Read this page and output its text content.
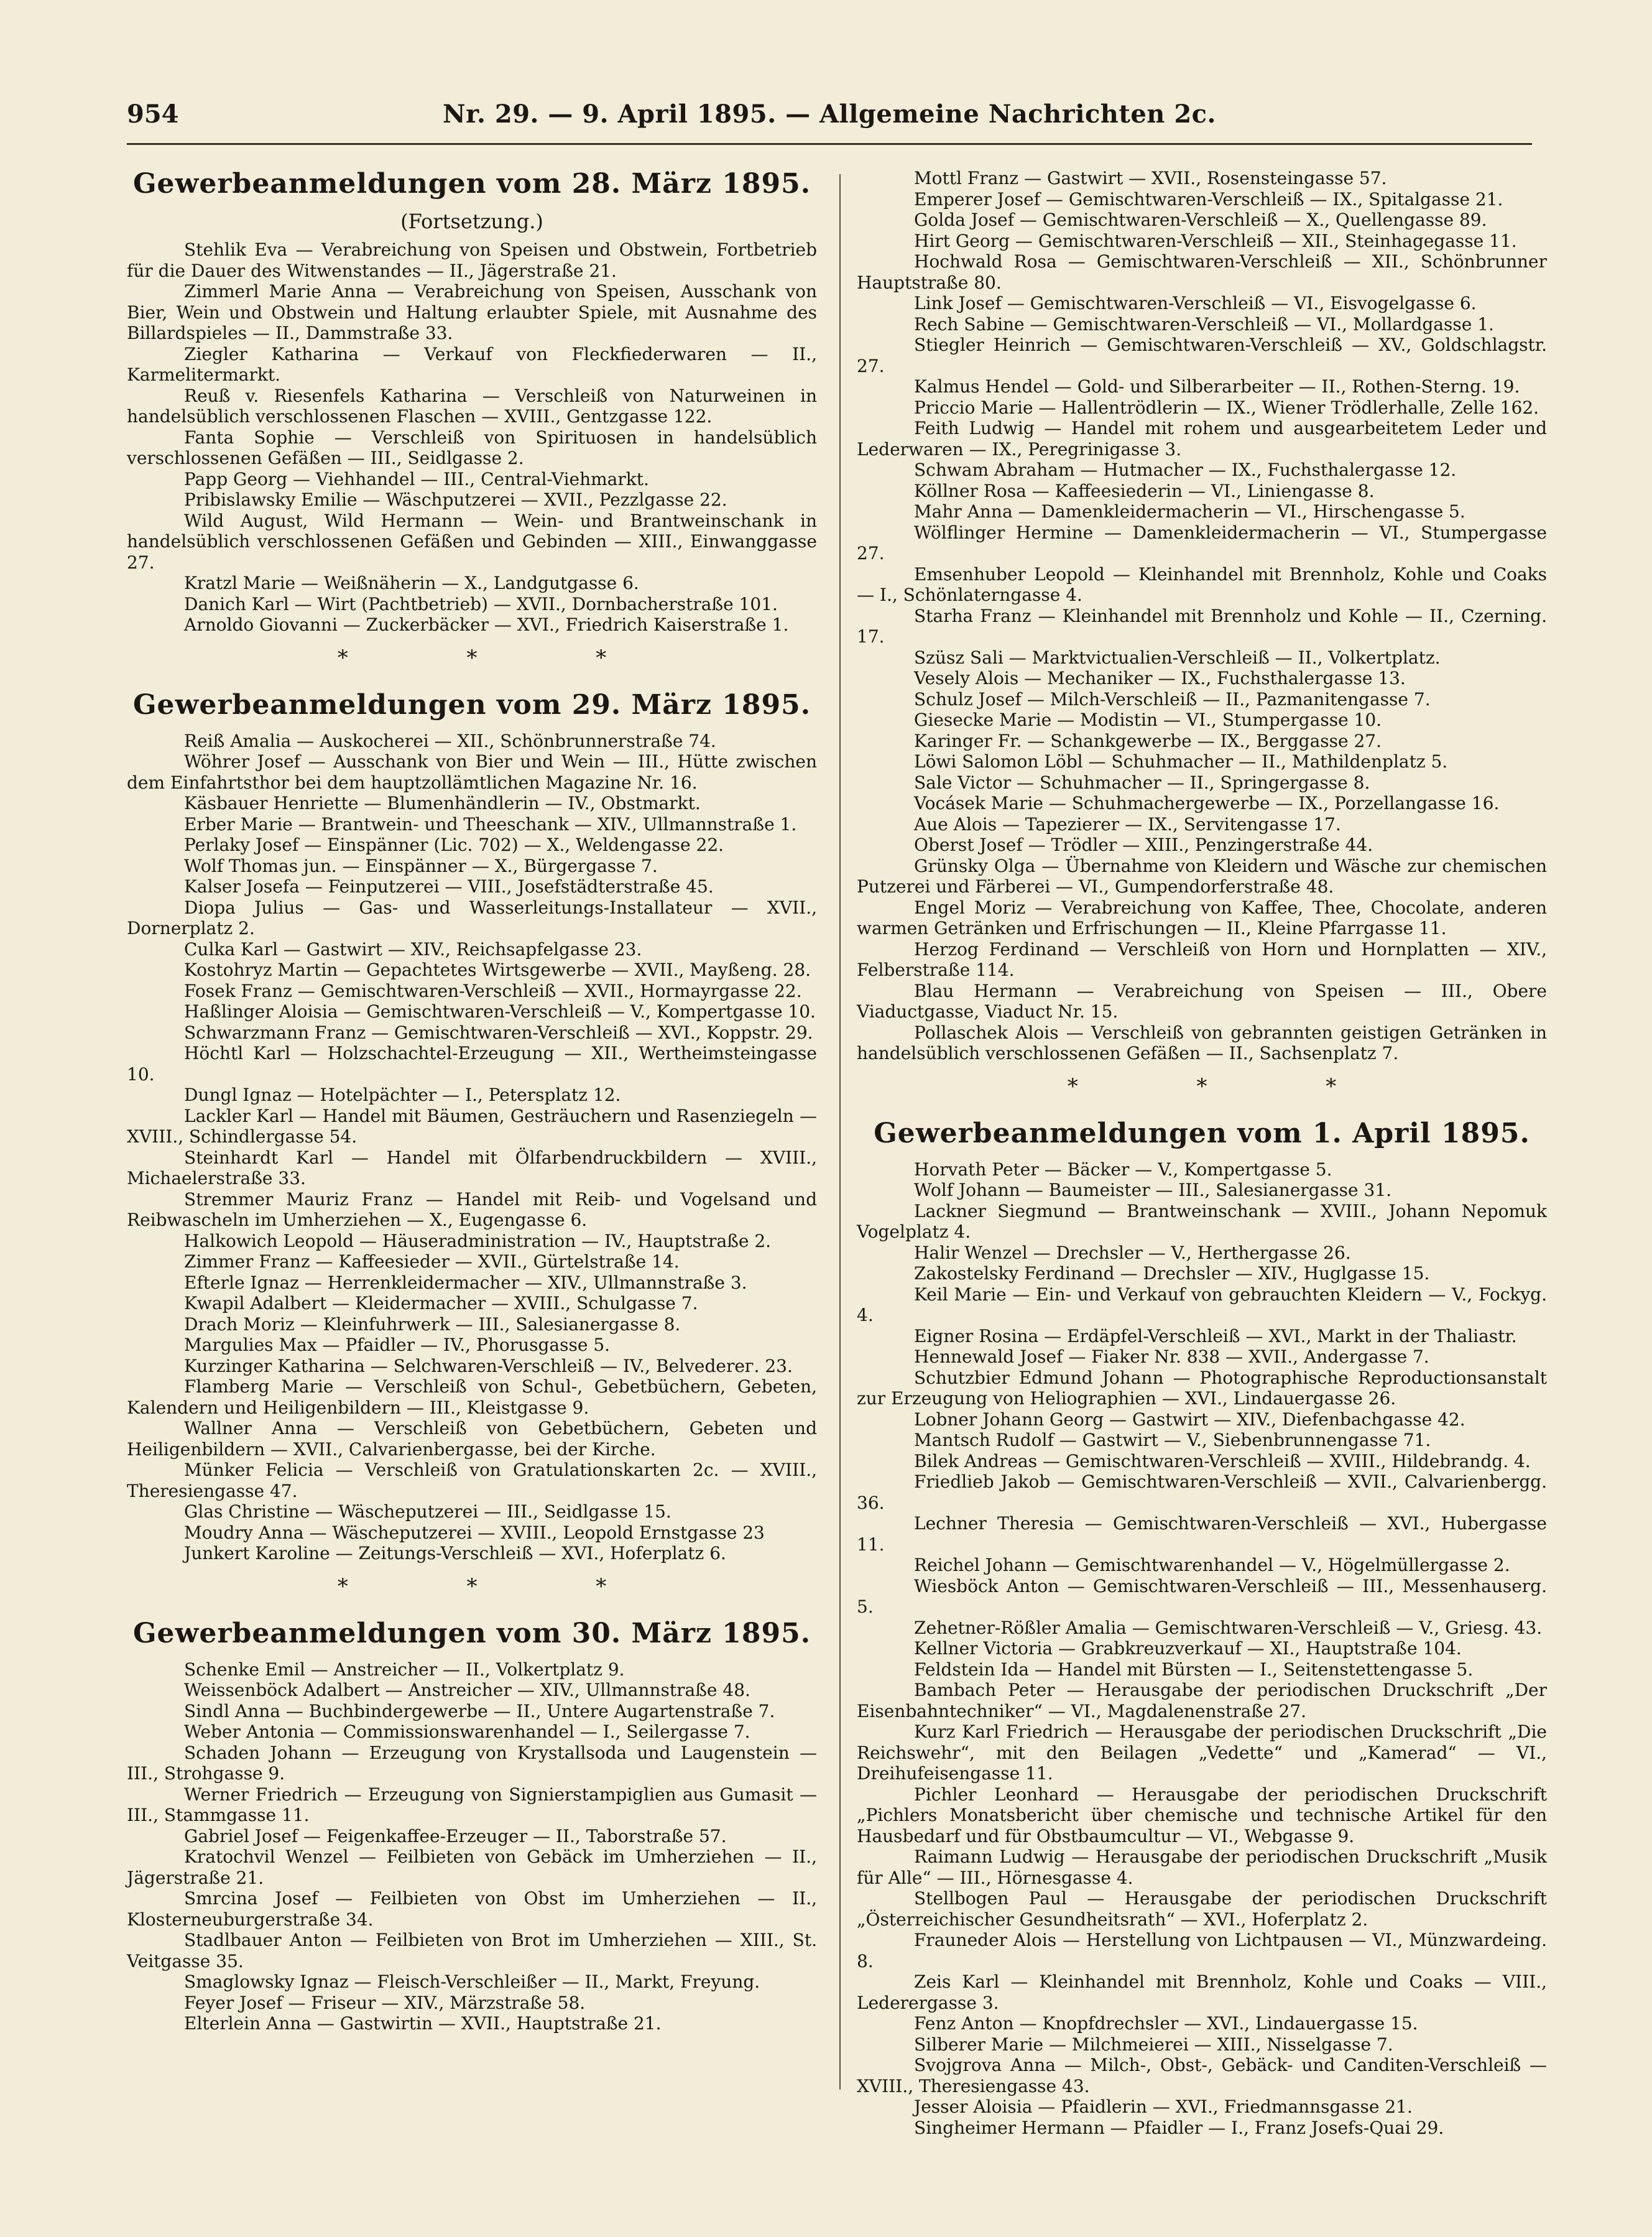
954	Nr. 29. — 9. April 1895. — Allgemeine Nachrichten 2c.
Gewerbeanmeldungen vom 28. März 1895.
(Fortsetzung.)

Stehlik Eva — Verabreichung von Speisen und Obstwein, Fortbetrieb für die Dauer des Witwenstandes — II., Jägerstraße 21.

Zimmerl Marie Anna — Verabreichung von Speisen, Ausschank von Bier, Wein und Obstwein und Haltung erlaubter Spiele, mit Ausnahme des Billardspieles — II., Dammstraße 33.

Ziegler Katharina — Verkauf von Fleckfiederwaren — II., Karmelitermarkt.

Reuß v. Riesenfels Katharina — Verschleiß von Naturweinen in handelsüblich verschlossenen Flaschen — XVIII., Gentzgasse 122.

Fanta Sophie — Verschleiß von Spirituosen in handelsüblich verschlossenen Gefäßen — III., Seidlgasse 2.

Papp Georg — Viehhandel — III., Central-Viehmarkt.

Pribislawsky Emilie — Wäschputzerei — XVII., Pezzlgasse 22.

Wild August, Wild Hermann — Wein- und Brantweinschank in handelsüblich verschlossenen Gefäßen und Gebinden — XIII., Einwanggasse 27.

Kratzl Marie — Weißnäherin — X., Landgutgasse 6.

Danich Karl — Wirt (Pachtbetrieb) — XVII., Dornbacherstraße 101.

Arnoldo Giovanni — Zuckerbäcker — XVI., Friedrich Kaiserstraße 1.

* * *
Gewerbeanmeldungen vom 29. März 1895.

Reiß Amalia — Auskocherei — XII., Schönbrunnerstraße 74.

Wöhrer Josef — Ausschank von Bier und Wein — III., Hütte zwischen dem Einfahrtsthor bei dem hauptzollämtlichen Magazine Nr. 16.

Käsbauer Henriette — Blumenhändlerin — IV., Obstmarkt.

Erber Marie — Brantwein- und Theeschank — XIV., Ullmannstraße 1.

Perlaky Josef — Einspänner (Lic. 702) — X., Weldengasse 22.

Wolf Thomas jun. — Einspänner — X., Bürgergasse 7.

Kalser Josefa — Feinputzerei — VIII., Josefstädterstraße 45.

Diopa Julius — Gas- und Wasserleitungs-Installateur — XVII., Dornerplatz 2.

Culka Karl — Gastwirt — XIV., Reichsapfelgasse 23.

Kostohryz Martin — Gepachtetes Wirtsgewerbe — XVII., Mayßeng. 28.

Fosek Franz — Gemischtwaren-Verschleiß — XVII., Hormayrgasse 22.

Haßlinger Aloisia — Gemischtwaren-Verschleiß — V., Kompertgasse 10.

Schwarzmann Franz — Gemischtwaren-Verschleiß — XVI., Koppstr. 29.

Höchtl Karl — Holzschachtel-Erzeugung — XII., Wertheimsteingasse 10.

Dungl Ignaz — Hotelpächter — I., Petersplatz 12.

Lackler Karl — Handel mit Bäumen, Gesträuchern und Rasenziegeln — XVIII., Schindlergasse 54.

Steinhardt Karl — Handel mit Ölfarbendruckbildern — XVIII., Michaelerstraße 33.

Stremmer Mauriz Franz — Handel mit Reib- und Vogelsand und Reibwascheln im Umherziehen — X., Eugengasse 6.

Halkowich Leopold — Häuseradministration — IV., Hauptstraße 2.

Zimmer Franz — Kaffeesieder — XVII., Gürtelstraße 14.

Efterle Ignaz — Herrenkleidermacher — XIV., Ullmannstraße 3.

Kwapil Adalbert — Kleidermacher — XVIII., Schulgasse 7.

Drach Moriz — Kleinfuhrwerk — III., Salesianergasse 8.

Margulies Max — Pfaidler — IV., Phorusgasse 5.

Kurzinger Katharina — Selchwaren-Verschleiß — IV., Belvederег. 23.

Flamberg Marie — Verschleiß von Schul-, Gebetbüchern, Gebeten, Kalendern und Heiligenbildern — III., Kleistgasse 9.

Wallner Anna — Verschleiß von Gebetbüchern, Gebeten und Heiligenbildern — XVII., Calvarienbergasse, bei der Kirche.

Münker Felicia — Verschleiß von Gratulationskarten 2c. — XVIII., Theresiengasse 47.

Glas Christine — Wäscheputzerei — III., Seidlgasse 15.

Moudry Anna — Wäscheputzerei — XVIII., Leopold Ernstgasse 23

Junkert Karoline — Zeitungs-Verschleiß — XVI., Hoferplatz 6.

* * *
Gewerbeanmeldungen vom 30. März 1895.

Schenke Emil — Anstreicher — II., Volkertplatz 9.

Weissenböck Adalbert — Anstreicher — XIV., Ullmannstraße 48.

Sindl Anna — Buchbindergewerbe — II., Untere Augartenstraße 7.

Weber Antonia — Commissionswarenhandel — I., Seilergasse 7.

Schaden Johann — Erzeugung von Krystallsoda und Laugenstein — III., Strohgasse 9.

Werner Friedrich — Erzeugung von Signierstampiglien aus Gumasit — III., Stammgasse 11.

Gabriel Josef — Feigenkaffee-Erzeuger — II., Taborstraße 57.

Kratochvil Wenzel — Feilbieten von Gebäck im Umherziehen — II., Jägerstraße 21.

Smrcina Josef — Feilbieten von Obst im Umherziehen — II., Klosterneuburgerstraße 34.

Stadlbauer Anton — Feilbieten von Brot im Umherziehen — XIII., St. Veitgasse 35.

Smaglowsky Ignaz — Fleisch-Verschleißer — II., Markt, Freyung.

Feyer Josef — Friseur — XIV., Märzstraße 58.

Elterlein Anna — Gastwirtin — XVII., Hauptstraße 21.

Mottl Franz — Gastwirt — XVII., Rosensteingasse 57.

Emperer Josef — Gemischtwaren-Verschleiß — IX., Spitalgasse 21.

Golda Josef — Gemischtwaren-Verschleiß — X., Quellengasse 89.

Hirt Georg — Gemischtwaren-Verschleiß — XII., Steinhagegasse 11.

Hochwald Rosa — Gemischtwaren-Verschleiß — XII., Schönbrunner Hauptstraße 80.

Link Josef — Gemischtwaren-Verschleiß — VI., Eisvogelgasse 6.

Rech Sabine — Gemischtwaren-Verschleiß — VI., Mollardgasse 1.

Stiegler Heinrich — Gemischtwaren-Verschleiß — XV., Goldschlagstr. 27.

Kalmus Hendel — Gold- und Silberarbeiter — II., Rothen-Sterng. 19.

Priccio Marie — Hallentrödlerin — IX., Wiener Trödlerhalle, Zelle 162.

Feith Ludwig — Handel mit rohem und ausgearbeitetem Leder und Lederwaren — IX., Peregrinigasse 3.

Schwam Abraham — Hutmacher — IX., Fuchsthalergasse 12.

Köllner Rosa — Kaffeesiederin — VI., Liniengasse 8.

Mahr Anna — Damenkleidermacherin — VI., Hirschengasse 5.

Wölflinger Hermine — Damenkleidermacherin — VI., Stumpergasse 27.

Emsenhuber Leopold — Kleinhandel mit Brennholz, Kohle und Coaks — I., Schönlaterngasse 4.

Starha Franz — Kleinhandel mit Brennholz und Kohle — II., Czerning. 17.

Szüsz Sali — Marktvictualien-Verschleiß — II., Volkertplatz.

Vesely Alois — Mechaniker — IX., Fuchsthalergasse 13.

Schulz Josef — Milch-Verschleiß — II., Pazmanitengasse 7.

Giesecke Marie — Modistin — VI., Stumpergasse 10.

Karinger Fr. — Schankgewerbe — IX., Berggasse 27.

Löwi Salomon Löbl — Schuhmacher — II., Mathildenplatz 5.

Sale Victor — Schuhmacher — II., Springergasse 8.

Vocásek Marie — Schuhmachergewerbe — IX., Porzellangasse 16.

Aue Alois — Tapezierer — IX., Servitengasse 17.

Oberst Josef — Trödler — XIII., Penzingerstraße 44.

Grünsky Olga — Übernahme von Kleidern und Wäsche zur chemischen Putzerei und Färberei — VI., Gumpendorferstraße 48.

Engel Moriz — Verabreichung von Kaffee, Thee, Chocolate, anderen warmen Getränken und Erfrischungen — II., Kleine Pfarrgasse 11.

Herzog Ferdinand — Verschleiß von Horn und Hornplatten — XIV., Felberstraße 114.

Blau Hermann — Verabreichung von Speisen — III., Obere Viaductgasse, Viaduct Nr. 15.

Pollaschek Alois — Verschleiß von gebrannten geistigen Getränken in handelsüblich verschlossenen Gefäßen — II., Sachsenplatz 7.

* * *
Gewerbeanmeldungen vom 1. April 1895.

Horvath Peter — Bäcker — V., Kompertgasse 5.

Wolf Johann — Baumeister — III., Salesianergasse 31.

Lackner Siegmund — Brantweinschank — XVIII., Johann Nepomuk Vogelplatz 4.

Halir Wenzel — Drechsler — V., Herthergasse 26.

Zakostelsky Ferdinand — Drechsler — XIV., Huglgasse 15.

Keil Marie — Ein- und Verkauf von gebrauchten Kleidern — V., Fockyg. 4.

Eigner Rosina — Erdäpfel-Verschleiß — XVI., Markt in der Thaliastr.

Hennewald Josef — Fiaker Nr. 838 — XVII., Andergasse 7.

Schutzbier Edmund Johann — Photographische Reproductionsanstalt zur Erzeugung von Heliographien — XVI., Lindauergasse 26.

Lobner Johann Georg — Gastwirt — XIV., Diefenbachgasse 42.

Mantsch Rudolf — Gastwirt — V., Siebenbrunnengasse 71.

Bilek Andreas — Gemischtwaren-Verschleiß — XVIII., Hildebrandg. 4.

Friedlieb Jakob — Gemischtwaren-Verschleiß — XVII., Calvarienbergg. 36.

Lechner Theresia — Gemischtwaren-Verschleiß — XVI., Hubergasse 11.

Reichel Johann — Gemischtwarenhandel — V., Högelmüllergasse 2.

Wiesböck Anton — Gemischtwaren-Verschleiß — III., Messenhauserg. 5.

Zehetner-Rößler Amalia — Gemischtwaren-Verschleiß — V., Griesg. 43.

Kellner Victoria — Grabkreuzverkauf — XI., Hauptstraße 104.

Feldstein Ida — Handel mit Bürsten — I., Seitenstettengasse 5.

Bambach Peter — Herausgabe der periodischen Druckschrift „Der Eisenbahntechniker“ — VI., Magdalenenstraße 27.

Kurz Karl Friedrich — Herausgabe der periodischen Druckschrift „Die Reichswehr“, mit den Beilagen „Vedette“ und „Kamerad“ — VI., Dreihufeisengasse 11.

Pichler Leonhard — Herausgabe der periodischen Druckschrift „Pichlers Monatsbericht über chemische und technische Artikel für den Hausbedarf und für Obstbaumcultur — VI., Webgasse 9.

Raimann Ludwig — Herausgabe der periodischen Druckschrift „Musik für Alle“ — III., Hörnesgasse 4.

Stellbogen Paul — Herausgabe der periodischen Druckschrift „Österreichischer Gesundheitsrath“ — XVI., Hoferplatz 2.

Frauneder Alois — Herstellung von Lichtpausen — VI., Münzwardeing. 8.

Zeis Karl — Kleinhandel mit Brennholz, Kohle und Coaks — VIII., Lederergasse 3.

Fenz Anton — Knopfdrechsler — XVI., Lindauergasse 15.

Silberer Marie — Milchmeierei — XIII., Nisselgasse 7.

Svojgrova Anna — Milch-, Obst-, Gebäck- und Canditen-Verschleiß — XVIII., Theresiengasse 43.

Jesser Aloisia — Pfaidlerin — XVI., Friedmannsgasse 21.

Singheimer Hermann — Pfaidler — I., Franz Josefs-Quai 29.
